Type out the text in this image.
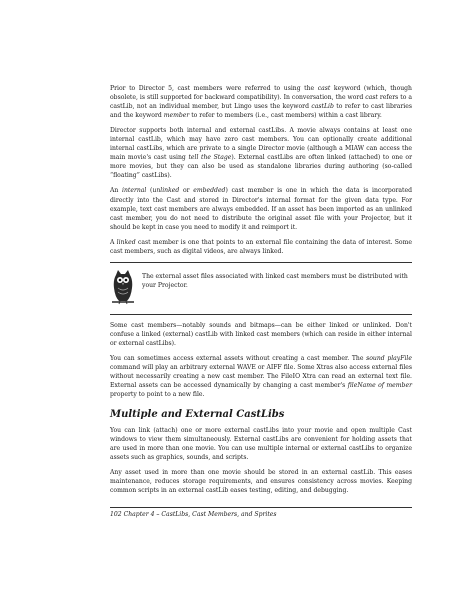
Prior to Director 5, cast members were referred to using the cast keyword (which, though obsolete, is still supported for backward compatibility). In conversation, the word cast refers to a castLib, not an individual member, but Lingo uses the keyword castLib to refer to cast libraries and the keyword member to refer to members (i.e., cast members) within a cast library.

Director supports both internal and external castLibs. A movie always contains at least one internal castLib, which may have zero cast members. You can optionally create additional internal castLibs, which are private to a single Director movie (although a MIAW can access the main movie's cast using tell the Stage). External castLibs are often linked (attached) to one or more movies, but they can also be used as standalone libraries during authoring (so-called “floating” castLibs).

An internal (unlinked or embedded) cast member is one in which the data is incorporated directly into the Cast and stored in Director's internal format for the given data type. For example, text cast members are always embedded. If an asset has been imported as an unlinked cast member, you do not need to distribute the original asset file with your Projector, but it should be kept in case you need to modify it and reimport it.

A linked cast member is one that points to an external file containing the data of interest. Some cast members, such as digital videos, are always linked.

The external asset files associated with linked cast members must be distributed with your Projector.

Some cast members—notably sounds and bitmaps—can be either linked or unlinked. Don't confuse a linked (external) castLib with linked cast members (which can reside in either internal or external castLibs).

You can sometimes access external assets without creating a cast member. The sound playFile command will play an arbitrary external WAVE or AIFF file. Some Xtras also access external files without necessarily creating a new cast member. The FileIO Xtra can read an external text file. External assets can be accessed dynamically by changing a cast member's fileName of member property to point to a new file.

Multiple and External CastLibs

You can link (attach) one or more external castLibs into your movie and open multiple Cast windows to view them simultaneously. External castLibs are convenient for holding assets that are used in more than one movie. You can use multiple internal or external castLibs to organize assets such as graphics, sounds, and scripts.

Any asset used in more than one movie should be stored in an external castLib. This eases maintenance, reduces storage requirements, and ensures consistency across movies. Keeping common scripts in an external castLib eases testing, editing, and debugging.

102 Chapter 4 – CastLibs, Cast Members, and Sprites
